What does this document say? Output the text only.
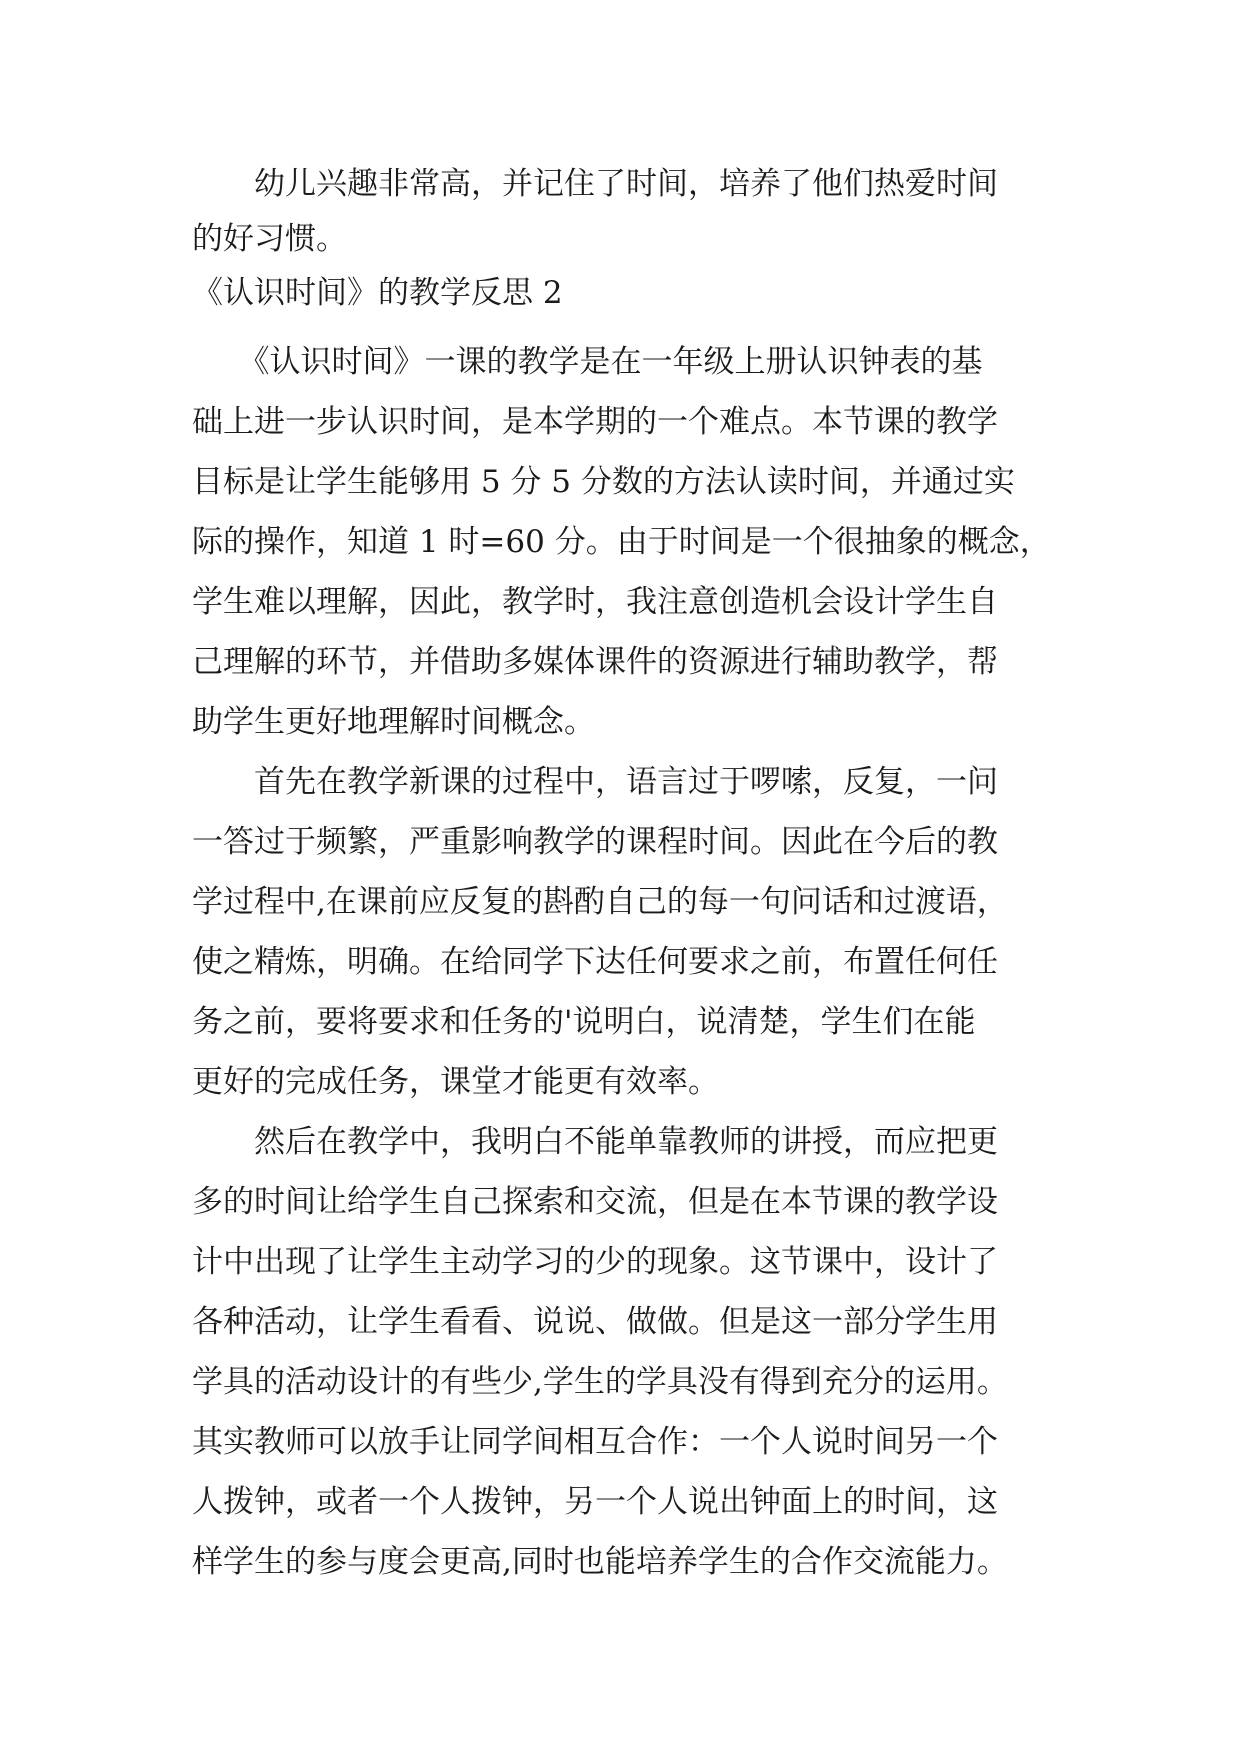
　　幼儿兴趣非常高，并记住了时间，培养了他们热爱时间
的好习惯。
《认识时间》的教学反思 2
　　《认识时间》一课的教学是在一年级上册认识钟表的基
础上进一步认识时间，是本学期的一个难点。本节课的教学
目标是让学生能够用 5 分 5 分数的方法认读时间，并通过实
际的操作，知道 1 时=60 分。由于时间是一个很抽象的概念，
学生难以理解，因此，教学时，我注意创造机会设计学生自
己理解的环节，并借助多媒体课件的资源进行辅助教学，帮
助学生更好地理解时间概念。
　　首先在教学新课的过程中，语言过于啰嗦，反复，一问
一答过于频繁，严重影响教学的课程时间。因此在今后的教
学过程中,在课前应反复的斟酌自己的每一句问话和过渡语，
使之精炼，明确。在给同学下达任何要求之前，布置任何任
务之前，要将要求和任务的'说明白，说清楚，学生们在能
更好的完成任务，课堂才能更有效率。
　　然后在教学中，我明白不能单靠教师的讲授，而应把更
多的时间让给学生自己探索和交流，但是在本节课的教学设
计中出现了让学生主动学习的少的现象。这节课中，设计了
各种活动，让学生看看、说说、做做。但是这一部分学生用
学具的活动设计的有些少,学生的学具没有得到充分的运用。
其实教师可以放手让同学间相互合作：一个人说时间另一个
人拨钟，或者一个人拨钟，另一个人说出钟面上的时间，这
样学生的参与度会更高,同时也能培养学生的合作交流能力。
